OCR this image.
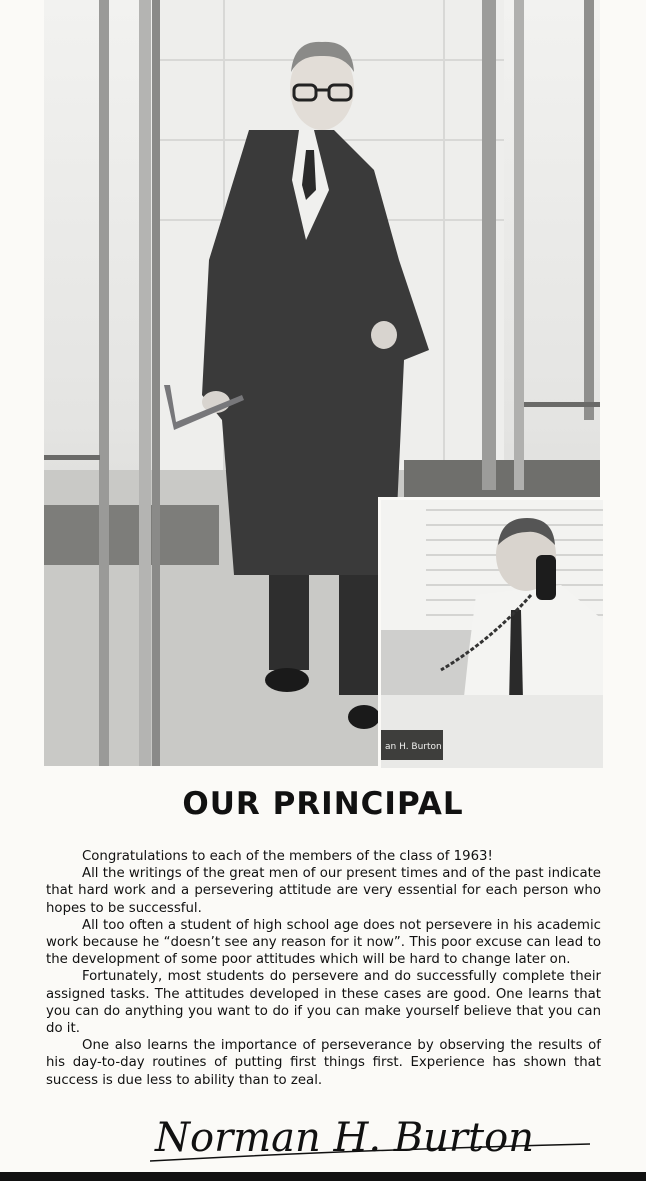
an H. Burton
OUR PRINCIPAL

Congratulations to each of the members of the class of 1963!

All the writings of the great men of our present times and of the past indicate that hard work and a persevering attitude are very essential for each person who hopes to be successful.

All too often a student of high school age does not persevere in his academic work because he “doesn’t see any reason for it now”. This poor excuse can lead to the development of some poor attitudes which will be hard to change later on.

Fortunately, most students do persevere and do successfully complete their assigned tasks. The attitudes developed in these cases are good. One learns that you can do anything you want to do if you can make yourself believe that you can do it.

One also learns the importance of perseverance by observing the results of his day-to-day routines of putting first things first. Experience has shown that success is due less to ability than to zeal.

Norman H. Burton
